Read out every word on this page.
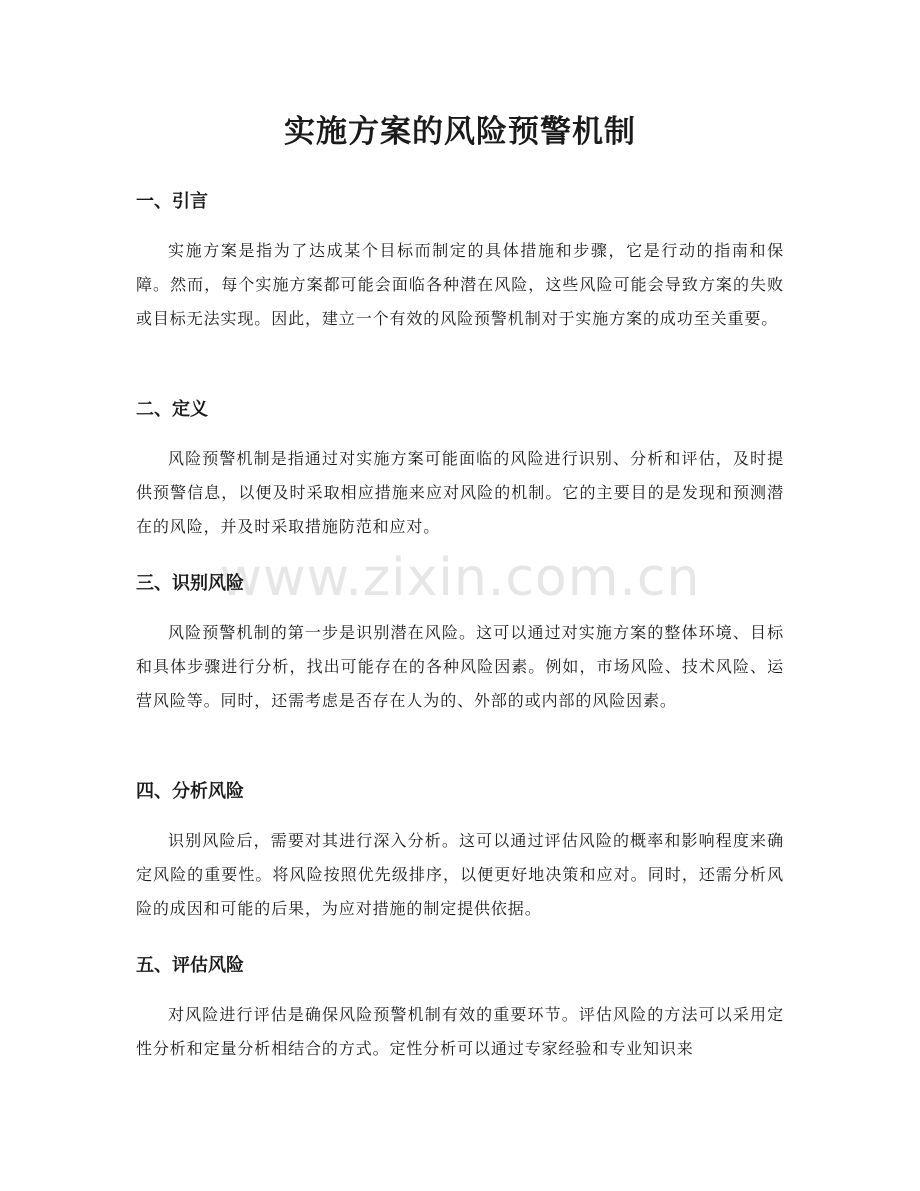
www.zixin.com.cn
实施方案的风险预警机制
一、引言

实施方案是指为了达成某个目标而制定的具体措施和步骤，它是行动的指南和保障。然而，每个实施方案都可能会面临各种潜在风险，这些风险可能会导致方案的失败或目标无法实现。因此，建立一个有效的风险预警机制对于实施方案的成功至关重要。

二、定义

风险预警机制是指通过对实施方案可能面临的风险进行识别、分析和评估，及时提供预警信息，以便及时采取相应措施来应对风险的机制。它的主要目的是发现和预测潜在的风险，并及时采取措施防范和应对。

三、识别风险

风险预警机制的第一步是识别潜在风险。这可以通过对实施方案的整体环境、目标和具体步骤进行分析，找出可能存在的各种风险因素。例如，市场风险、技术风险、运营风险等。同时，还需考虑是否存在人为的、外部的或内部的风险因素。

四、分析风险

识别风险后，需要对其进行深入分析。这可以通过评估风险的概率和影响程度来确定风险的重要性。将风险按照优先级排序，以便更好地决策和应对。同时，还需分析风险的成因和可能的后果，为应对措施的制定提供依据。

五、评估风险

对风险进行评估是确保风险预警机制有效的重要环节。评估风险的方法可以采用定性分析和定量分析相结合的方式。定性分析可以通过专家经验和专业知识来
